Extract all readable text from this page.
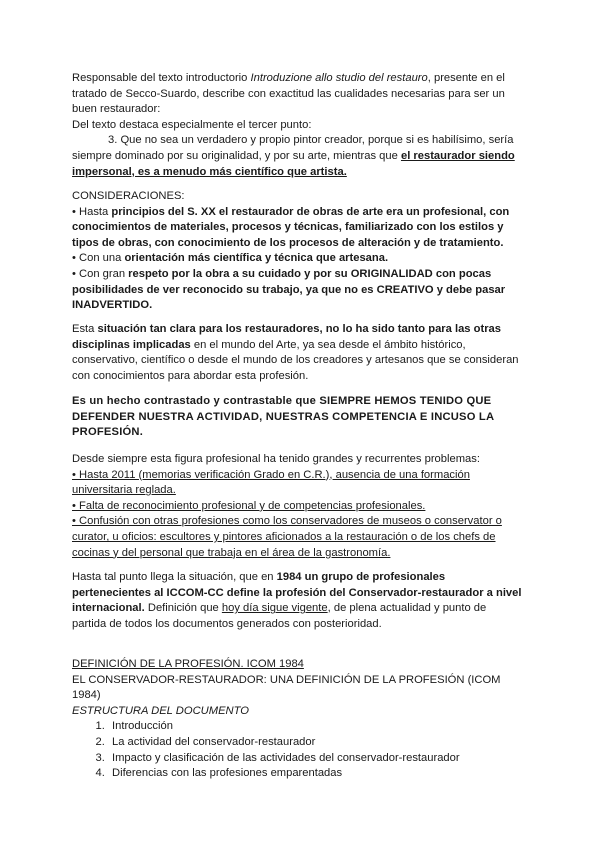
Responsable del texto introductorio Introduzione allo studio del restauro, presente en el tratado de Secco-Suardo, describe con exactitud las cualidades necesarias para ser un buen restaurador:

Del texto destaca especialmente el tercer punto:

3. Que no sea un verdadero y propio pintor creador, porque si es habilísimo, sería siempre dominado por su originalidad, y por su arte, mientras que el restaurador siendo impersonal, es a menudo más científico que artista.

CONSIDERACIONES:

• Hasta principios del S. XX el restaurador de obras de arte era un profesional, con conocimientos de materiales, procesos y técnicas, familiarizado con los estilos y tipos de obras, con conocimiento de los procesos de alteración y de tratamiento.

• Con una orientación más científica y técnica que artesana.

• Con gran respeto por la obra a su cuidado y por su ORIGINALIDAD con pocas posibilidades de ver reconocido su trabajo, ya que no es CREATIVO y debe pasar INADVERTIDO.

Esta situación tan clara para los restauradores, no lo ha sido tanto para las otras disciplinas implicadas en el mundo del Arte, ya sea desde el ámbito histórico, conservativo, científico o desde el mundo de los creadores y artesanos que se consideran con conocimientos para abordar esta profesión.

Es un hecho contrastado y contrastable que SIEMPRE HEMOS TENIDO QUE DEFENDER NUESTRA ACTIVIDAD, NUESTRAS COMPETENCIA E INCUSO LA PROFESIÓN.

Desde siempre esta figura profesional ha tenido grandes y recurrentes problemas:

• Hasta 2011 (memorias verificación Grado en C.R.), ausencia de una formación universitaria reglada.

• Falta de reconocimiento profesional y de competencias profesionales.

• Confusión con otras profesiones como los conservadores de museos o conservator o curator, u oficios: escultores y pintores aficionados a la restauración o de los chefs de cocinas y del personal que trabaja en el área de la gastronomía.

Hasta tal punto llega la situación, que en 1984 un grupo de profesionales pertenecientes al ICCOM-CC define la profesión del Conservador-restaurador a nivel internacional. Definición que hoy día sigue vigente, de plena actualidad y punto de partida de todos los documentos generados con posterioridad.

DEFINICIÓN DE LA PROFESIÓN. ICOM 1984

EL CONSERVADOR-RESTAURADOR: UNA DEFINICIÓN DE LA PROFESIÓN (ICOM 1984)

ESTRUCTURA DEL DOCUMENTO

1. Introducción
2. La actividad del conservador-restaurador
3. Impacto y clasificación de las actividades del conservador-restaurador
4. Diferencias con las profesiones emparentadas
